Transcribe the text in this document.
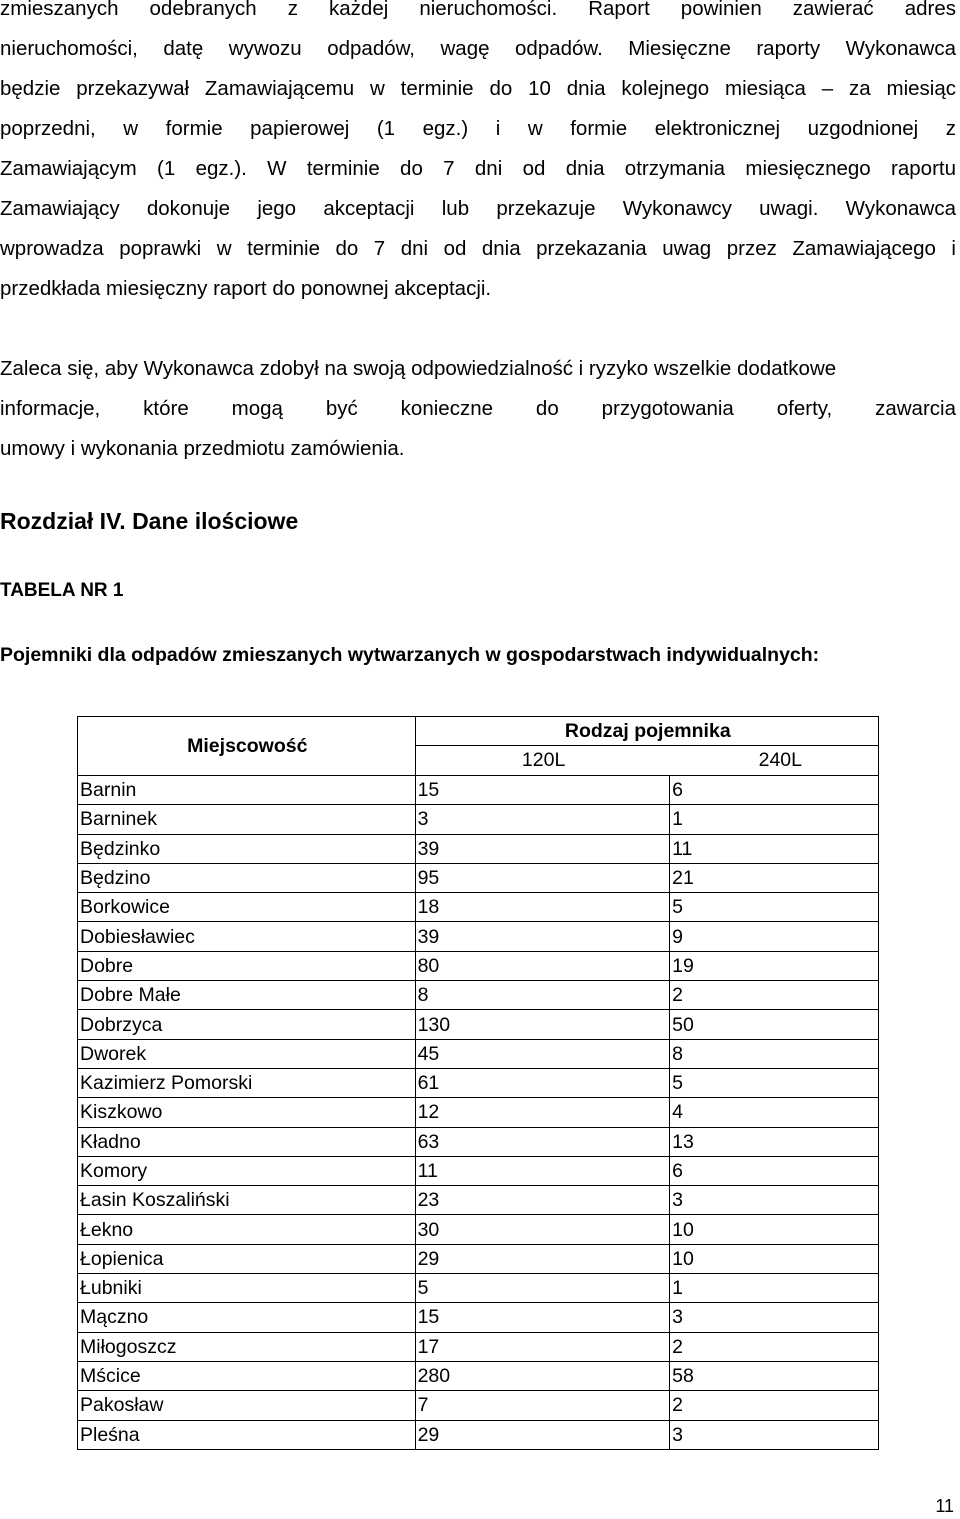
zmieszanych odebranych z każdej nieruchomości. Raport powinien zawierać adres
nieruchomości, datę wywozu odpadów, wagę odpadów. Miesięczne raporty Wykonawca
będzie przekazywał Zamawiającemu w terminie do 10 dnia kolejnego miesiąca – za miesiąc
poprzedni, w formie papierowej (1 egz.) i w formie elektronicznej uzgodnionej z
Zamawiającym (1 egz.). W terminie do 7 dni od dnia otrzymania miesięcznego raportu
Zamawiający dokonuje jego akceptacji lub przekazuje Wykonawcy uwagi. Wykonawca
wprowadza poprawki w terminie do 7 dni od dnia przekazania uwag przez Zamawiającego i
przedkłada miesięczny raport do ponownej akceptacji.
Zaleca się, aby Wykonawca zdobył na swoją odpowiedzialność i ryzyko wszelkie dodatkowe
informacje, które mogą być konieczne do przygotowania oferty, zawarcia
umowy i wykonania przedmiotu zamówienia.
Rozdział IV. Dane ilościowe
TABELA NR 1
Pojemniki dla odpadów zmieszanych wytwarzanych w gospodarstwach indywidualnych:
Miejscowość	Rodzaj pojemnika	
	120L	240L
Barnin	15	6
Barninek	3	1
Będzinko	39	11
Będzino	95	21
Borkowice	18	5
Dobiesławiec	39	9
Dobre	80	19
Dobre Małe	8	2
Dobrzyca	130	50
Dworek	45	8
Kazimierz Pomorski	61	5
Kiszkowo	12	4
Kładno	63	13
Komory	11	6
Łasin Koszaliński	23	3
Łekno	30	10
Łopienica	29	10
Łubniki	5	1
Mączno	15	3
Miłogoszcz	17	2
Mścice	280	58
Pakosław	7	2
Pleśna	29	3
11
